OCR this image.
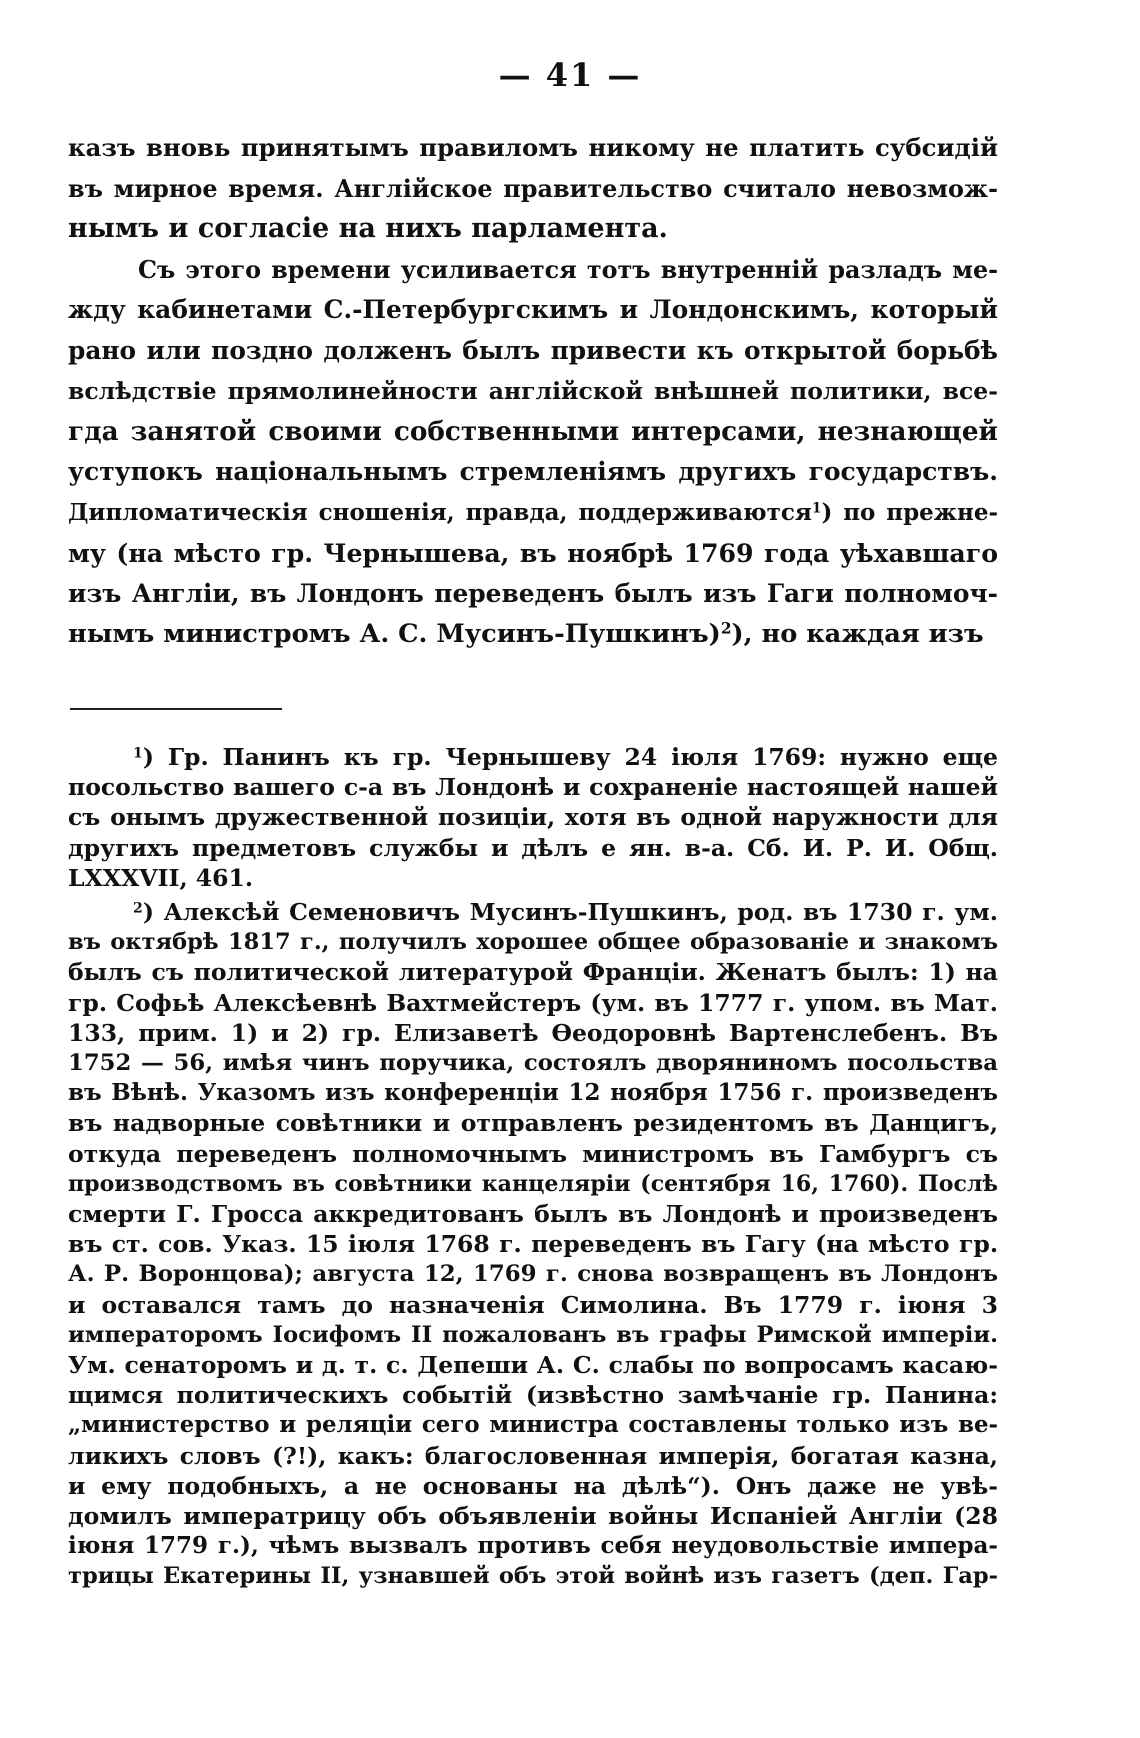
— 41 —
казъ вновь принятымъ правиломъ никому не платить субсидій
въ мирное время. Англійское правительство считало невозмож-
нымъ и согласіе на нихъ парламента.
Съ этого времени усиливается тотъ внутренній разладъ ме-
жду кабинетами С.-Петербургскимъ и Лондонскимъ, который
рано или поздно долженъ былъ привести къ открытой борьбѣ
вслѣдствіе прямолинейности англійской внѣшней политики, все-
гда занятой своими собственными интерсами, незнающей
уступокъ національнымъ стремленіямъ другихъ государствъ.
Дипломатическія сношенія, правда, поддерживаются$^1$) по прежне-
му (на мѣсто гр. Чернышева, въ ноябрѣ 1769 года уѣхавшаго
изъ Англіи, въ Лондонъ переведенъ былъ изъ Гаги полномоч-
нымъ министромъ А. С. Мусинъ-Пушкинъ)$^2$), но каждая изъ
$^1$) Гр. Панинъ къ гр. Чернышеву 24 іюля 1769: нужно еще
посольство вашего с-а въ Лондонѣ и сохраненіе настоящей нашей
съ онымъ дружественной позиціи, хотя въ одной наружности для
другихъ предметовъ службы и дѣлъ е ян. в-а. Сб. И. Р. И. Общ.
LXXXVII, 461.
$^2$) Алексѣй Семеновичъ Мусинъ-Пушкинъ, род. въ 1730 г. ум.
въ октябрѣ 1817 г., получилъ хорошее общее образованіе и знакомъ
былъ съ политической литературой Франціи. Женатъ былъ: 1) на
гр. Софьѣ Алексѣевнѣ Вахтмейстеръ (ум. въ 1777 г. упом. въ Мат.
133, прим. 1) и 2) гр. Елизаветѣ Өеодоровнѣ Вартенслебенъ. Въ
1752 — 56, имѣя чинъ поручика, состоялъ дворяниномъ посольства
въ Вѣнѣ. Указомъ изъ конференціи 12 ноября 1756 г. произведенъ
въ надворные совѣтники и отправленъ резидентомъ въ Данцигъ,
откуда переведенъ полномочнымъ министромъ въ Гамбургъ съ
производствомъ въ совѣтники канцеляріи (сентября 16, 1760). Послѣ
смерти Г. Гросса аккредитованъ былъ въ Лондонѣ и произведенъ
въ ст. сов. Указ. 15 іюля 1768 г. переведенъ въ Гагу (на мѣсто гр.
А. Р. Воронцова); августа 12, 1769 г. снова возвращенъ въ Лондонъ
и оставался тамъ до назначенія Симолина. Въ 1779 г. іюня 3
императоромъ Іосифомъ II пожалованъ въ графы Римской имперіи.
Ум. сенаторомъ и д. т. с. Депеши А. С. слабы по вопросамъ касаю-
щимся политическихъ событій (извѣстно замѣчаніе гр. Панина:
„министерство и реляціи сего министра составлены только изъ ве-
ликихъ словъ (?!), какъ: благословенная имперія, богатая казна,
и ему подобныхъ, а не основаны на дѣлѣ“). Онъ даже не увѣ-
домилъ императрицу объ объявленіи войны Испаніей Англіи (28
іюня 1779 г.), чѣмъ вызвалъ противъ себя неудовольствіе импера-
трицы Екатерины II, узнавшей объ этой войнѣ изъ газетъ (деп. Гар-
